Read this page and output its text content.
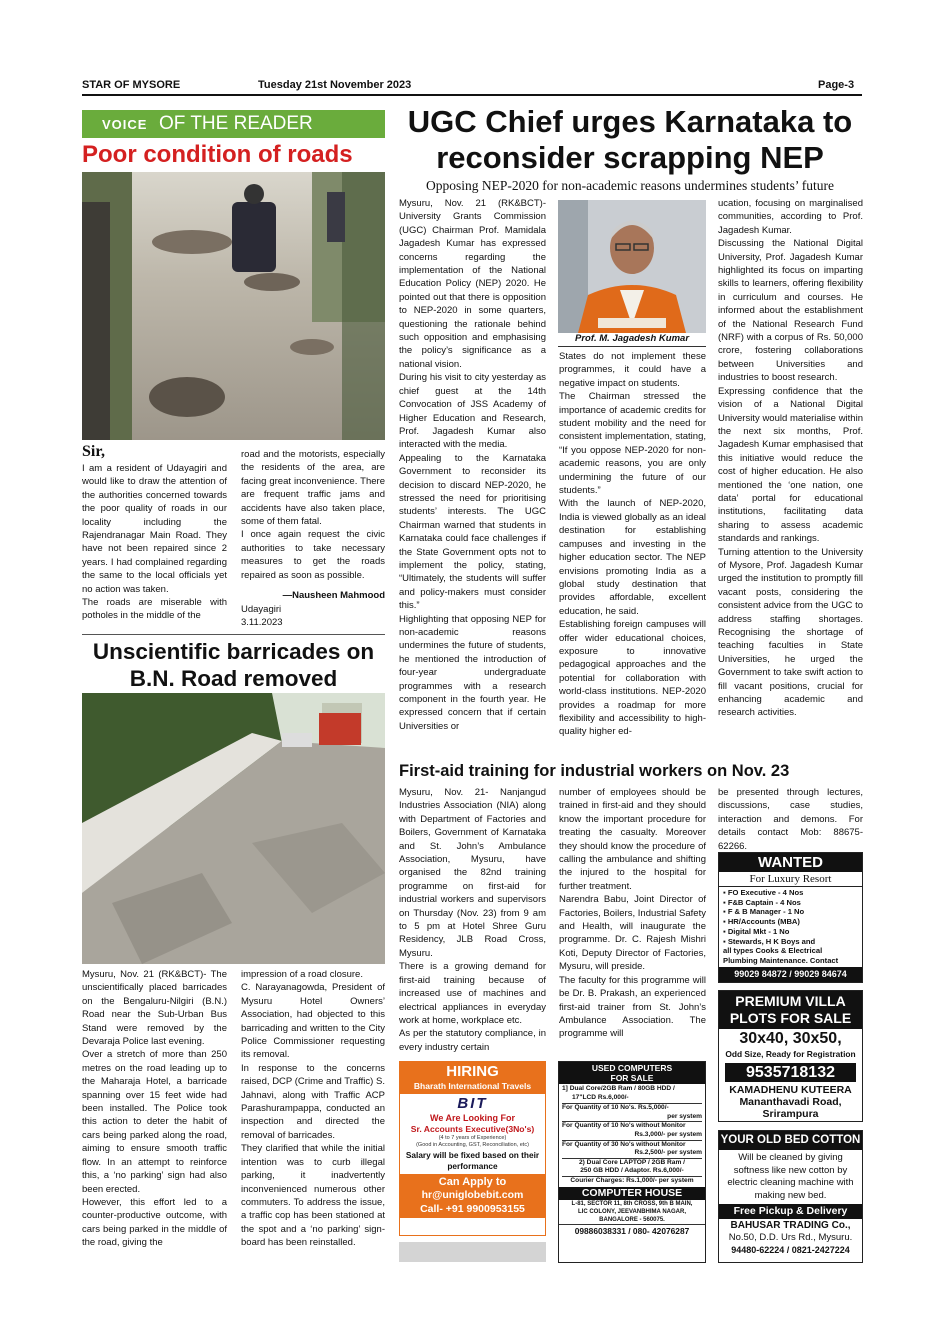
STAR OF MYSORE	Tuesday 21st November 2023	Page-3
VOICE OF THE READER
Poor condition of roads
Sir,
I am a resident of Udayagiri and would like to draw the attention of the authorities concerned towards the poor quality of roads in our locality including the Rajendranagar Main Road. They have not been repaired since 2 years. I had complained regarding the same to the local officials yet no action was taken.
The roads are miserable with potholes in the middle of the
road and the motorists, especially the residents of the area, are facing great inconvenience. There are frequent traffic jams and accidents have also taken place, some of them fatal.
I once again request the civic authorities to take necessary measures to get the roads repaired as soon as possible.
—Nausheen Mahmood
Udayagiri
3.11.2023
Unscientific barricades on B.N. Road removed
Mysuru, Nov. 21 (RK&BCT)- The unscientifically placed barricades on the Bengaluru-Nilgiri (B.N.) Road near the Sub-Urban Bus Stand were removed by the Devaraja Police last evening.
Over a stretch of more than 250 metres on the road leading up to the Maharaja Hotel, a barricade spanning over 15 feet wide had been installed. The Police took this action to deter the habit of cars being parked along the road, aiming to ensure smooth traffic flow. In an attempt to reinforce this, a ‘no parking’ sign had also been erected.
However, this effort led to a counter-productive outcome, with cars being parked in the middle of the road, giving the
impression of a road closure.
C. Narayanagowda, President of Mysuru Hotel Owners’ Association, had objected to this barricading and written to the City Police Commissioner requesting its removal.
In response to the concerns raised, DCP (Crime and Traffic) S. Jahnavi, along with Traffic ACP Parashurampappa, conducted an inspection and directed the removal of barricades.
They clarified that while the initial intention was to curb illegal parking, it inadvertently inconvenienced numerous other commuters. To address the issue, a traffic cop has been stationed at the spot and a ‘no parking’ sign-board has been reinstalled.
UGC Chief urges Karnataka to reconsider scrapping NEP
Opposing NEP-2020 for non-academic reasons undermines students’ future
Mysuru, Nov. 21 (RK&BCT)- University Grants Commission (UGC) Chairman Prof. Mamidala Jagadesh Kumar has expressed concerns regarding the implementation of the National Education Policy (NEP) 2020. He pointed out that there is opposition to NEP-2020 in some quarters, questioning the rationale behind such opposition and emphasising the policy’s significance as a national vision.
During his visit to city yesterday as chief guest at the 14th Convocation of JSS Academy of Higher Education and Research, Prof. Jagadesh Kumar also interacted with the media.
Appealing to the Karnataka Government to reconsider its decision to discard NEP-2020, he stressed the need for prioritising students’ interests. The UGC Chairman warned that students in Karnataka could face challenges if the State Government opts not to implement the policy, stating, “Ultimately, the students will suffer and policy-makers must consider this.”
Highlighting that opposing NEP for non-academic reasons undermines the future of students, he mentioned the introduction of four-year undergraduate programmes with a research component in the fourth year. He expressed concern that if certain Universities or
Prof. M. Jagadesh Kumar
States do not implement these programmes, it could have a negative impact on students.
The Chairman stressed the importance of academic credits for student mobility and the need for consistent implementation, stating, “If you oppose NEP-2020 for non-academic reasons, you are only undermining the future of our students.”
With the launch of NEP-2020, India is viewed globally as an ideal destination for establishing campuses and investing in the higher education sector. The NEP envisions promoting India as a global study destination that provides affordable, excellent education, he said.
Establishing foreign campuses will offer wider educational choices, exposure to innovative pedagogical approaches and the potential for collaboration with world-class institutions. NEP-2020 provides a roadmap for more flexibility and accessibility to high-quality higher ed-
ucation, focusing on marginalised communities, according to Prof. Jagadesh Kumar.
Discussing the National Digital University, Prof. Jagadesh Kumar highlighted its focus on imparting skills to learners, offering flexibility in curriculum and courses. He informed about the establishment of the National Research Fund (NRF) with a corpus of Rs. 50,000 crore, fostering collaborations between Universities and industries to boost research.
Expressing confidence that the vision of a National Digital University would materialise within the next six months, Prof. Jagadesh Kumar emphasised that this initiative would reduce the cost of higher education. He also mentioned the ‘one nation, one data’ portal for educational institutions, facilitating data sharing to assess academic standards and rankings.
Turning attention to the University of Mysore, Prof. Jagadesh Kumar urged the institution to promptly fill vacant posts, considering the consistent advice from the UGC to address staffing shortages. Recognising the shortage of teaching faculties in State Universities, he urged the Government to take swift action to fill vacant positions, crucial for enhancing academic and research activities.
First-aid training for industrial workers on Nov. 23
Mysuru, Nov. 21- Nanjangud Industries Association (NIA) along with Department of Factories and Boilers, Government of Karnataka and St. John’s Ambulance Association, Mysuru, have organised the 82nd training programme on first-aid for industrial workers and supervisors on Thursday (Nov. 23) from 9 am to 5 pm at Hotel Shree Guru Residency, JLB Road Cross, Mysuru.
There is a growing demand for first-aid training because of increased use of machines and electrical appliances in everyday work at home, workplace etc.
As per the statutory compliance, in every industry certain
number of employees should be trained in first-aid and they should know the important procedure for treating the casualty. Moreover they should know the procedure of calling the ambulance and shifting the injured to the hospital for further treatment.
Narendra Babu, Joint Director of Factories, Boilers, Industrial Safety and Health, will inaugurate the programme. Dr. C. Rajesh Mishri Koti, Deputy Director of Factories, Mysuru, will preside.
The faculty for this programme will be Dr. B. Prakash, an experienced first-aid trainer from St. John’s Ambulance Association. The programme will
be presented through lectures, discussions, case studies, interaction and demons. For details contact Mob: 88675-62266.
WANTED
For Luxury Resort
▪ FO Executive - 4 Nos
▪ F&B Captain - 4 Nos
▪ F & B Manager - 1 No
▪ HR/Accounts (MBA)
▪ Digital Mkt - 1 No
▪ Stewards, H K Boys and
all types Cooks & Electrical
Plumbing Maintenance. Contact
99029 84872 / 99029 84674
PREMIUM VILLA
PLOTS FOR SALE
30x40, 30x50,
Odd Size, Ready for Registration
9535718132
KAMADHENU KUTEERA
Mananthavadi Road,
Srirampura
YOUR OLD BED COTTON
Will be cleaned by giving softness like new cotton by electric cleaning machine with making new bed.
Free Pickup & Delivery
BAHUSAR TRADING Co.,
No.50, D.D. Urs Rd., Mysuru.
94480-62224 / 0821-2427224
HIRING
Bharath International Travels
BIT
We Are Looking For
Sr. Accounts Executive(3No's)
(4 to 7 years of Experience)
(Good in Accounting, GST, Reconciliation, etc)
Salary will be fixed based on their performance
Can Apply to
hr@uniglobebit.com
Call- +91 9900953155
USED COMPUTERS
FOR SALE
1] Dual Core/2GB Ram / 80GB HDD /
17"LCD Rs.6,000/-
For Quantity of 10 No's. Rs.5,000/-
per system
For Quantity of 10 No's without Monitor
Rs.3,000/- per system
For Quantity of 30 No's without Monitor
Rs.2,500/- per system
2) Dual Core LAPTOP / 2GB Ram /
250 GB HDD / Adaptor. Rs.6,000/-
Courier Charges: Rs.1,000/- per system
COMPUTER HOUSE
L-81, SECTOR 11, 8th CROSS, 9th B MAIN,
LIC COLONY, JEEVANBHIMA NAGAR,
BANGALORE - 560075.
09886038331 / 080- 42076287
